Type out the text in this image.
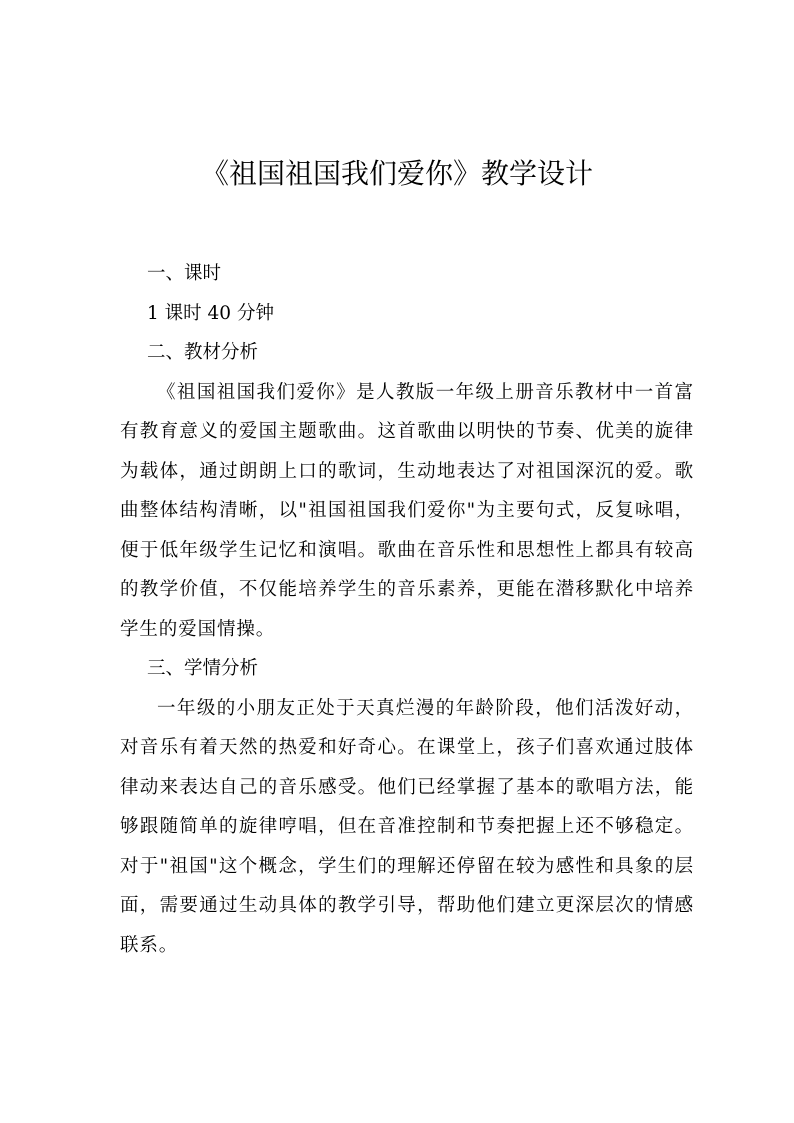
《祖国祖国我们爱你》教学设计
一、课时

1 课时 40 分钟

二、教材分析

《祖国祖国我们爱你》是人教版一年级上册音乐教材中一首富有教育意义的爱国主题歌曲。这首歌曲以明快的节奏、优美的旋律为载体，通过朗朗上口的歌词，生动地表达了对祖国深沉的爱。歌曲整体结构清晰，以"祖国祖国我们爱你"为主要句式，反复咏唱，便于低年级学生记忆和演唱。歌曲在音乐性和思想性上都具有较高的教学价值，不仅能培养学生的音乐素养，更能在潜移默化中培养学生的爱国情操。

三、学情分析

一年级的小朋友正处于天真烂漫的年龄阶段，他们活泼好动，对音乐有着天然的热爱和好奇心。在课堂上，孩子们喜欢通过肢体律动来表达自己的音乐感受。他们已经掌握了基本的歌唱方法，能够跟随简单的旋律哼唱，但在音准控制和节奏把握上还不够稳定。对于"祖国"这个概念，学生们的理解还停留在较为感性和具象的层面，需要通过生动具体的教学引导，帮助他们建立更深层次的情感联系。
